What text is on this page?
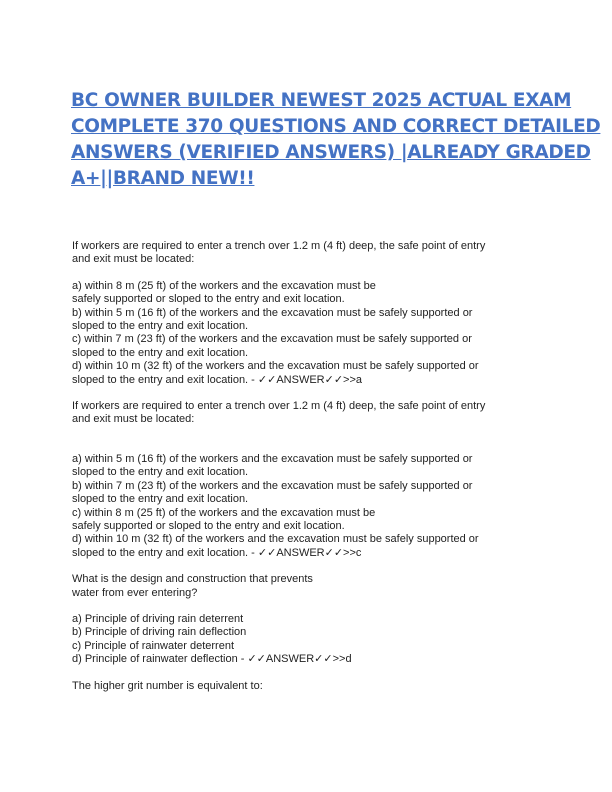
BC OWNER BUILDER NEWEST 2025 ACTUAL EXAM
COMPLETE 370 QUESTIONS AND CORRECT DETAILED
ANSWERS (VERIFIED ANSWERS) |ALREADY GRADED
A+||BRAND NEW!!
If workers are required to enter a trench over 1.2 m (4 ft) deep, the safe point of entry
and exit must be located:
a) within 8 m (25 ft) of the workers and the excavation must be
safely supported or sloped to the entry and exit location.
b) within 5 m (16 ft) of the workers and the excavation must be safely supported or
sloped to the entry and exit location.
c) within 7 m (23 ft) of the workers and the excavation must be safely supported or
sloped to the entry and exit location.
d) within 10 m (32 ft) of the workers and the excavation must be safely supported or
sloped to the entry and exit location. - ✓✓ANSWER✓✓>>a
If workers are required to enter a trench over 1.2 m (4 ft) deep, the safe point of entry
and exit must be located:
a) within 5 m (16 ft) of the workers and the excavation must be safely supported or
sloped to the entry and exit location.
b) within 7 m (23 ft) of the workers and the excavation must be safely supported or
sloped to the entry and exit location.
c) within 8 m (25 ft) of the workers and the excavation must be
safely supported or sloped to the entry and exit location.
d) within 10 m (32 ft) of the workers and the excavation must be safely supported or
sloped to the entry and exit location. - ✓✓ANSWER✓✓>>c
What is the design and construction that prevents
water from ever entering?
a) Principle of driving rain deterrent
b) Principle of driving rain deflection
c) Principle of rainwater deterrent
d) Principle of rainwater deflection - ✓✓ANSWER✓✓>>d
The higher grit number is equivalent to:
